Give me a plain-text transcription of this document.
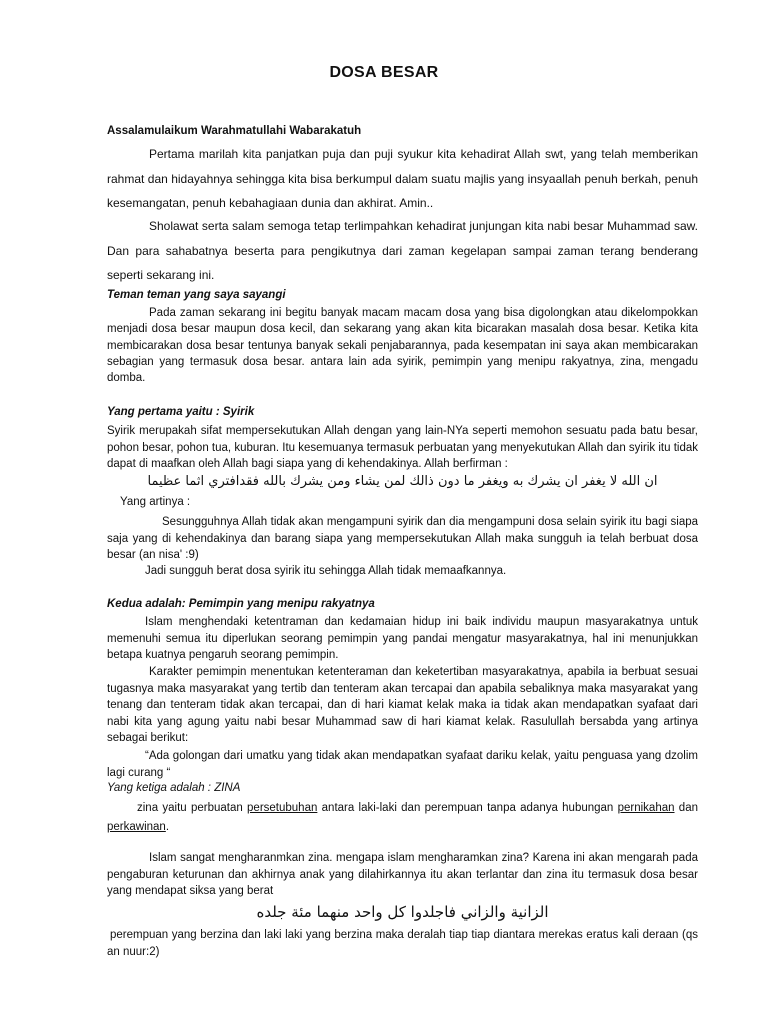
DOSA BESAR
Assalamulaikum Warahmatullahi Wabarakatuh

Pertama marilah kita panjatkan puja dan puji syukur kita kehadirat Allah swt, yang telah memberikan rahmat dan hidayahnya sehingga kita bisa berkumpul dalam suatu majlis yang insyaallah penuh berkah, penuh kesemangatan, penuh kebahagiaan dunia dan akhirat. Amin..

Sholawat serta salam semoga tetap terlimpahkan kehadirat junjungan kita nabi besar Muhammad saw. Dan para sahabatnya beserta para pengikutnya dari zaman kegelapan sampai zaman terang benderang seperti sekarang ini.

Teman teman yang saya sayangi

Pada zaman sekarang ini begitu banyak macam macam dosa yang bisa digolongkan atau dikelompokkan menjadi dosa besar maupun dosa kecil, dan sekarang yang akan kita bicarakan masalah dosa besar. Ketika kita membicarakan dosa besar tentunya banyak sekali penjabarannya, pada kesempatan ini saya akan membicarakan sebagian yang termasuk dosa besar. antara lain ada syirik, pemimpin yang menipu rakyatnya, zina, mengadu domba.

Yang pertama yaitu : Syirik

Syirik merupakah sifat mempersekutukan Allah dengan yang lain-NYa seperti memohon sesuatu pada batu besar, pohon besar, pohon tua, kuburan. Itu kesemuanya termasuk perbuatan yang menyekutukan Allah dan syirik itu tidak dapat di maafkan oleh Allah bagi siapa yang di kehendakinya. Allah berfirman :

ان الله لا يغفر ان يشرك به ويغفر ما دون ذالك لمن يشاء ومن يشرك بالله فقدافتري اثما عظيما
Yang artinya :

Sesungguhnya Allah tidak akan mengampuni syirik dan dia mengampuni dosa selain syirik itu bagi siapa saja yang di kehendakinya dan barang siapa yang mempersekutukan Allah maka sungguh ia telah berbuat dosa besar (an nisa' :9)

Jadi sungguh berat dosa syirik itu sehingga Allah tidak memaafkannya.

Kedua adalah: Pemimpin yang menipu rakyatnya

Islam menghendaki ketentraman dan kedamaian hidup ini baik individu maupun masyarakatnya untuk memenuhi semua itu diperlukan seorang pemimpin yang pandai mengatur masyarakatnya, hal ini menunjukkan betapa kuatnya pengaruh seorang pemimpin.

Karakter pemimpin menentukan ketenteraman dan keketertiban masyarakatnya, apabila ia berbuat sesuai tugasnya maka masyarakat yang tertib dan tenteram akan tercapai dan apabila sebaliknya maka masyarakat yang tenang dan tenteram tidak akan tercapai, dan di hari kiamat kelak maka ia tidak akan mendapatkan syafaat dari nabi kita yang agung yaitu nabi besar Muhammad saw di hari kiamat kelak. Rasulullah bersabda yang artinya sebagai berikut:

“Ada golongan dari umatku yang tidak akan mendapatkan syafaat dariku kelak, yaitu penguasa yang dzolim lagi curang “

Yang ketiga adalah : ZINA

zina yaitu perbuatan persetubuhan antara laki-laki dan perempuan tanpa adanya hubungan pernikahan dan perkawinan.

Islam sangat mengharanmkan zina. mengapa islam mengharamkan zina? Karena ini akan mengarah pada pengaburan keturunan dan akhirnya anak yang dilahirkannya itu akan terlantar dan zina itu termasuk dosa besar yang mendapat siksa yang berat

الزانية والزاني فاجلدوا كل واحد منهما مئة جلده

perempuan yang berzina dan laki laki yang berzina maka deralah tiap tiap diantara merekas eratus kali deraan (qs an nuur:2)
